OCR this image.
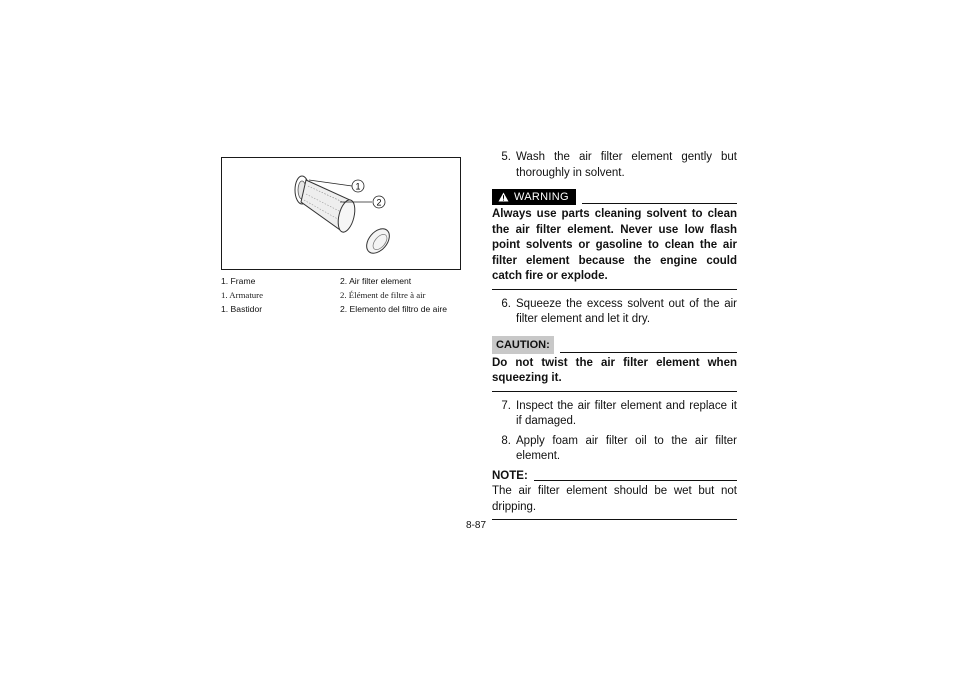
1
2
1. Frame	2. Air filter element
1. Armature	2. Élément de filtre à air
1. Bastidor	2. Elemento del filtro de aire
5. Wash the air filter element gently but thoroughly in solvent.
WARNING
Always use parts cleaning solvent to clean the air filter element. Never use low flash point solvents or gasoline to clean the air filter element because the engine could catch fire or explode.
6. Squeeze the excess solvent out of the air filter element and let it dry.
CAUTION:
Do not twist the air filter element when squeezing it.
7. Inspect the air filter element and replace it if damaged.
8. Apply foam air filter oil to the air filter element.
NOTE:
The air filter element should be wet but not dripping.
8-87
